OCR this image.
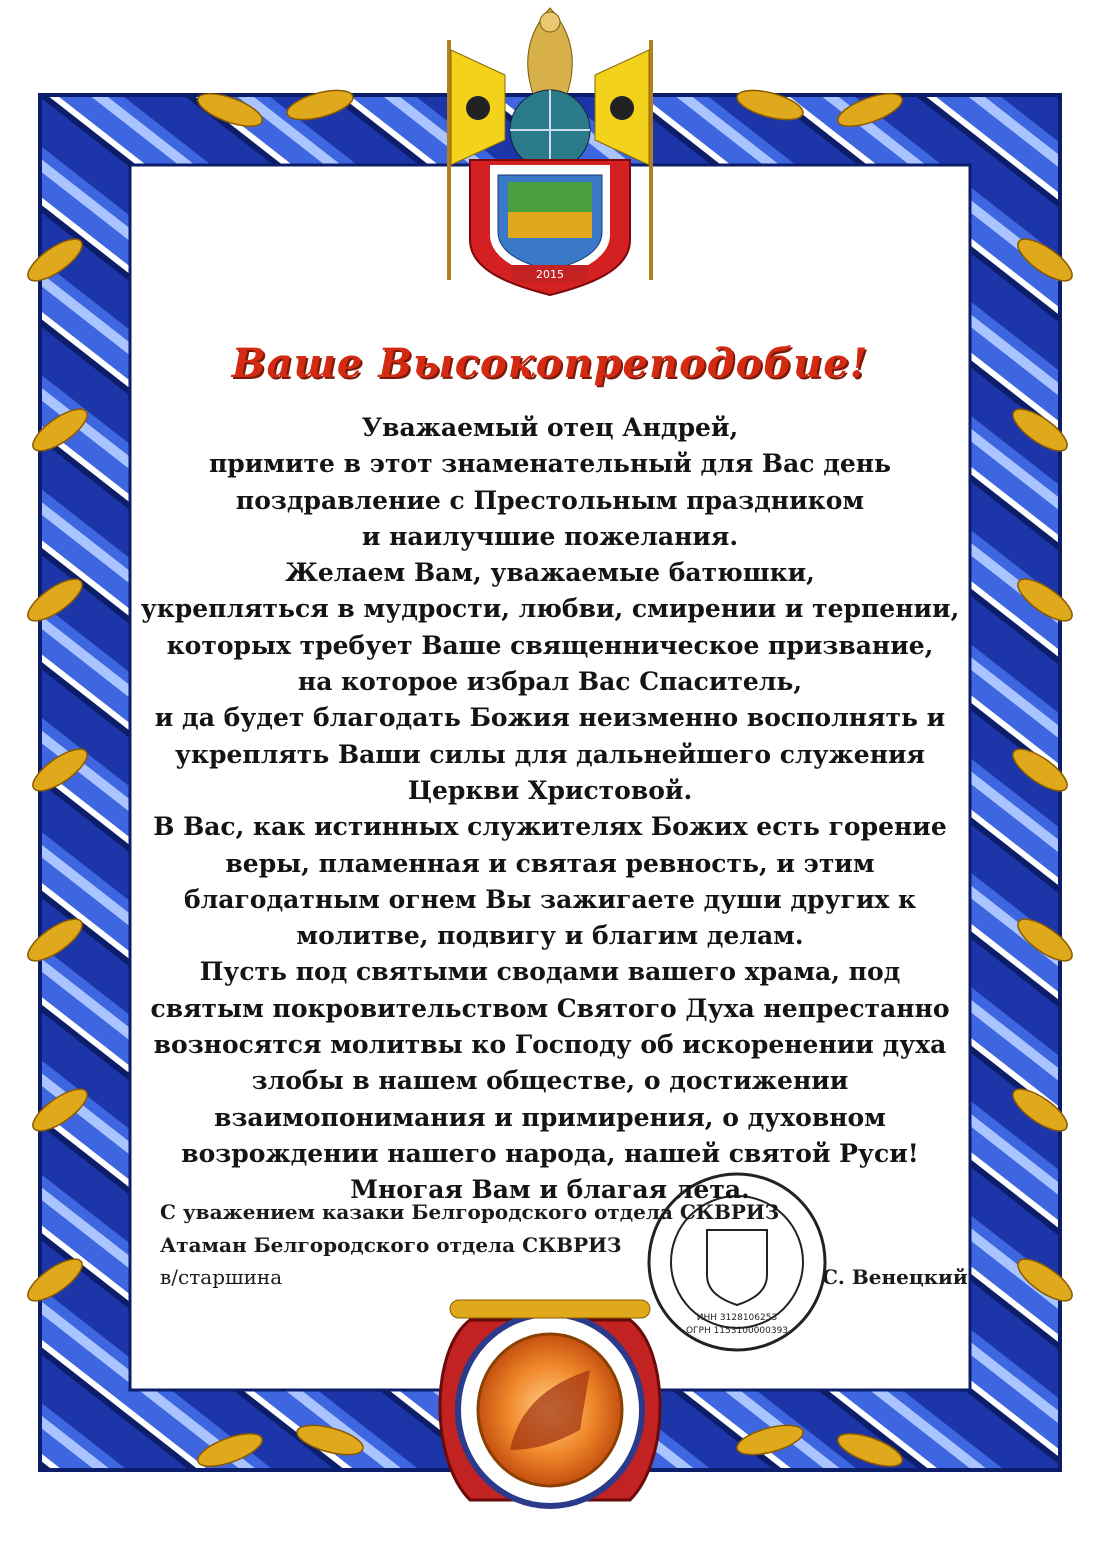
2015
ИНН 3128106253
ОГРН 1153100000393
Ваше Высокопреподобие!
Уважаемый отец Андрей,
примите в этот знаменательный для Вас день
поздравление с Престольным праздником
и наилучшие пожелания.
Желаем Вам, уважаемые батюшки,
укрепляться в мудрости, любви, смирении и терпении,
которых требует Ваше священническое призвание,
на которое избрал Вас Спаситель,
и да будет благодать Божия неизменно восполнять и
укреплять Ваши силы для дальнейшего служения
Церкви Христовой.
В Вас, как истинных служителях Божих есть горение
веры, пламенная и святая ревность, и этим
благодатным огнем Вы зажигаете души других к
молитве, подвигу и благим делам.
Пусть под святыми сводами вашего храма, под
святым покровительством Святого Духа непрестанно
возносятся молитвы ко Господу об искоренении духа
злобы в нашем обществе, о достижении
взаимопонимания и примирения, о духовном
возрождении нашего народа, нашей святой Руси!
Многая Вам и благая лета.
С уважением казаки Белгородского отдела СКВРИЗ
Атаман Белгородского отдела СКВРИЗ
в/старшина	С. Венецкий
